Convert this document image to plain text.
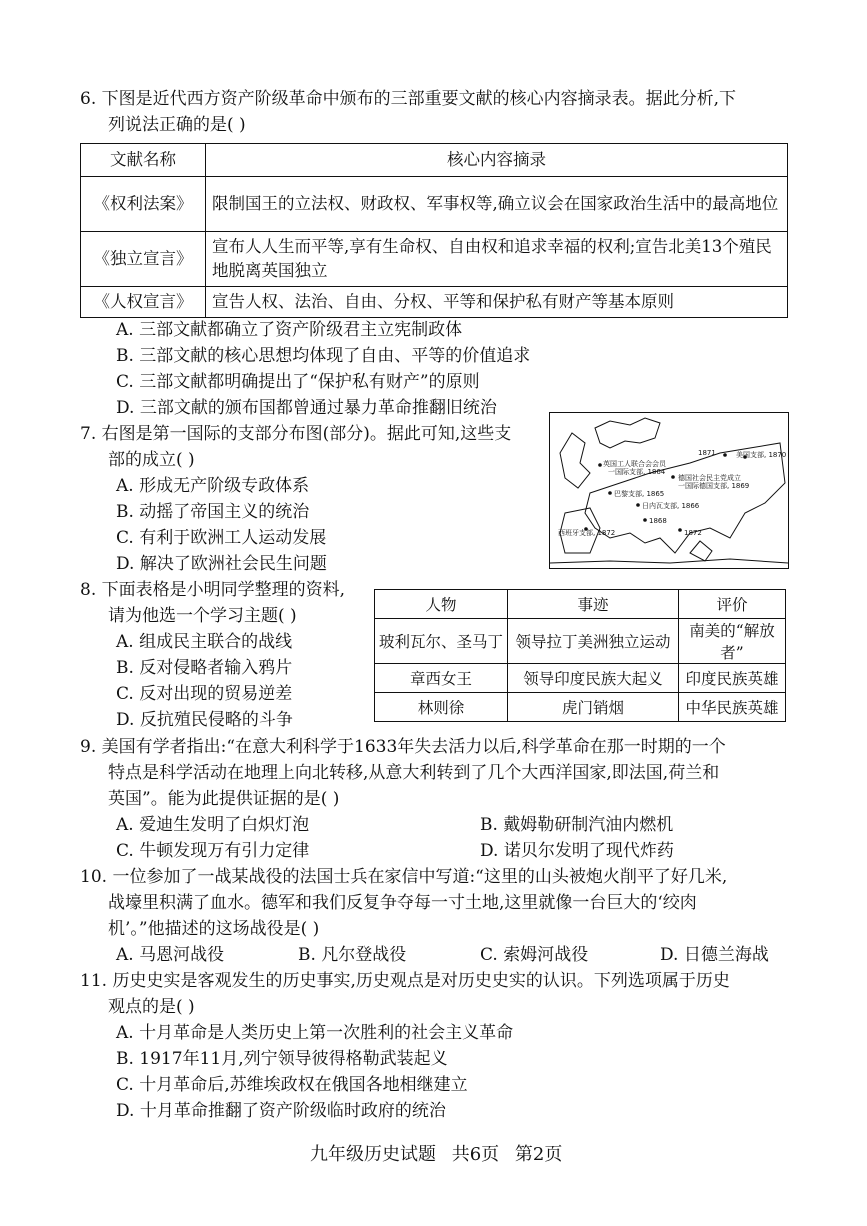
6. 下图是近代西方资产阶级革命中颁布的三部重要文献的核心内容摘录表。据此分析,下
列说法正确的是( )
文献名称	核心内容摘录
《权利法案》	限制国王的立法权、财政权、军事权等,确立议会在国家政治生活中的最高地位
《独立宣言》	宣布人人生而平等,享有生命权、自由权和追求幸福的权利;宣告北美13个殖民地脱离英国独立
《人权宣言》	宣告人权、法治、自由、分权、平等和保护私有财产等基本原则
A. 三部文献都确立了资产阶级君主立宪制政体
B. 三部文献的核心思想均体现了自由、平等的价值追求
C. 三部文献都明确提出了“保护私有财产”的原则
D. 三部文献的颁布国都曾通过暴力革命推翻旧统治
7. 右图是第一国际的支部分布图(部分)。据此可知,这些支
部的成立( )
A. 形成无产阶级专政体系
B. 动摇了帝国主义的统治
C. 有利于欧洲工人运动发展
D. 解决了欧洲社会民生问题
1871	美国支部, 1870
英国工人联合会会员
一国际支部, 1864
德国社会民主党成立
一国际德国支部, 1869
巴黎支部, 1865
日内瓦支部, 1866
西班牙支部, 1872
1868
1872
8. 下面表格是小明同学整理的资料,
请为他选一个学习主题( )
A. 组成民主联合的战线
B. 反对侵略者输入鸦片
C. 反对出现的贸易逆差
D. 反抗殖民侵略的斗争
人物	事迹	评价
玻利瓦尔、圣马丁	领导拉丁美洲独立运动	南美的“解放者”
章西女王	领导印度民族大起义	印度民族英雄
林则徐	虎门销烟	中华民族英雄
9. 美国有学者指出:“在意大利科学于1633年失去活力以后,科学革命在那一时期的一个
特点是科学活动在地理上向北转移,从意大利转到了几个大西洋国家,即法国,荷兰和
英国”。能为此提供证据的是( )
A. 爱迪生发明了白炽灯泡	B. 戴姆勒研制汽油内燃机
C. 牛顿发现万有引力定律	D. 诺贝尔发明了现代炸药
10. 一位参加了一战某战役的法国士兵在家信中写道:“这里的山头被炮火削平了好几米,
战壕里积满了血水。德军和我们反复争夺每一寸土地,这里就像一台巨大的‘绞肉
机’。”他描述的这场战役是( )
A. 马恩河战役	B. 凡尔登战役	C. 索姆河战役	D. 日德兰海战
11. 历史史实是客观发生的历史事实,历史观点是对历史史实的认识。下列选项属于历史
观点的是( )
A. 十月革命是人类历史上第一次胜利的社会主义革命
B. 1917年11月,列宁领导彼得格勒武装起义
C. 十月革命后,苏维埃政权在俄国各地相继建立
D. 十月革命推翻了资产阶级临时政府的统治
九年级历史试题 共6页 第2页
